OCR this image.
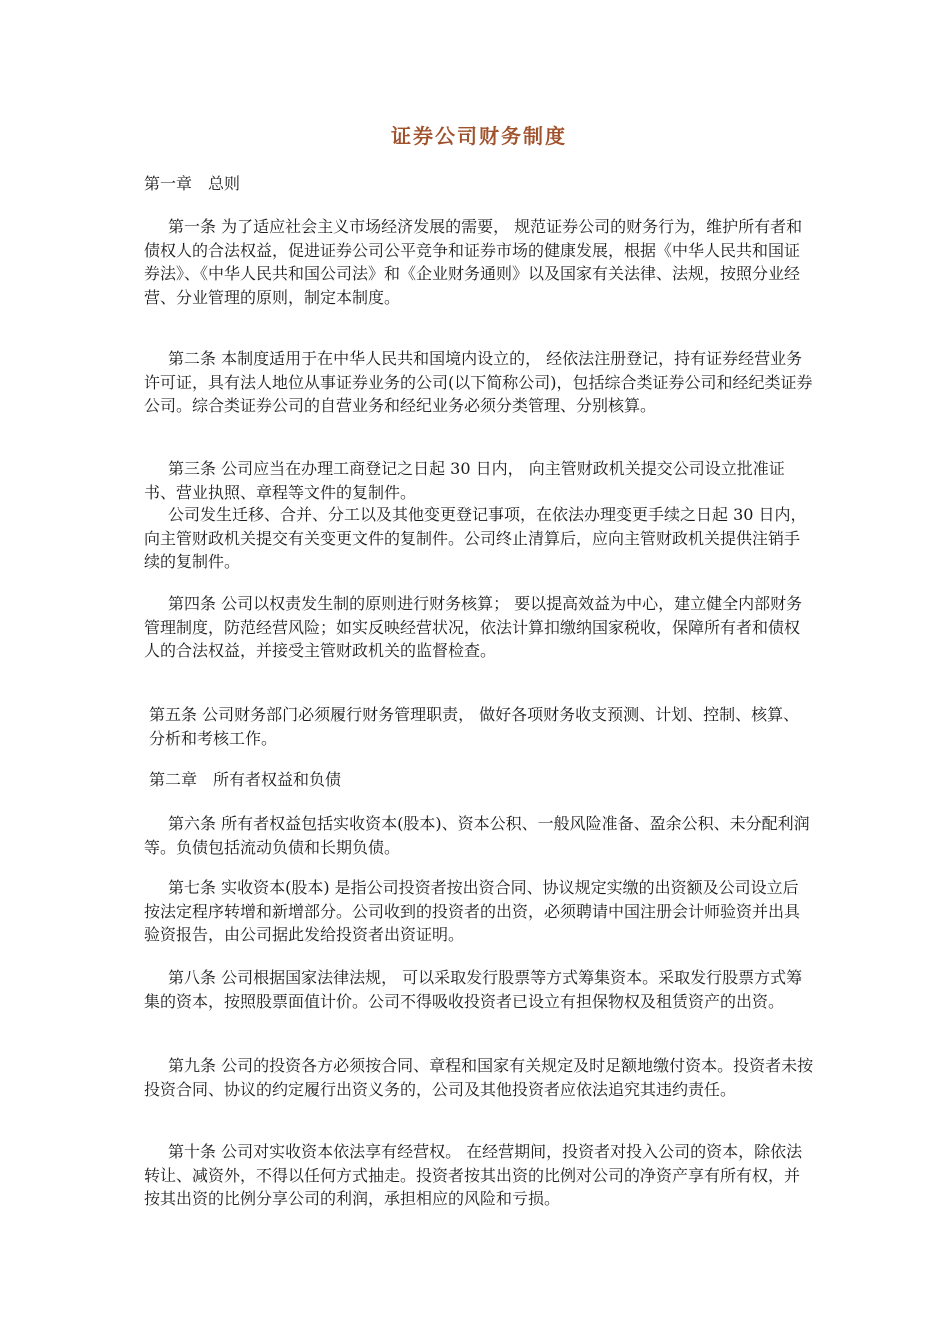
证券公司财务制度

第一章　总则

第一条 为了适应社会主义市场经济发展的需要， 规范证券公司的财务行为，维护所有者和债权人的合法权益，促进证券公司公平竞争和证券市场的健康发展，根据《中华人民共和国证券法》、《中华人民共和国公司法》和《企业财务通则》以及国家有关法律、法规，按照分业经营、分业管理的原则，制定本制度。

第二条 本制度适用于在中华人民共和国境内设立的， 经依法注册登记，持有证券经营业务许可证，具有法人地位从事证券业务的公司(以下简称公司)，包括综合类证券公司和经纪类证券公司。综合类证券公司的自营业务和经纪业务必须分类管理、分别核算。

第三条 公司应当在办理工商登记之日起 30 日内， 向主管财政机关提交公司设立批准证书、营业执照、章程等文件的复制件。

公司发生迁移、合并、分工以及其他变更登记事项，在依法办理变更手续之日起 30 日内，向主管财政机关提交有关变更文件的复制件。公司终止清算后，应向主管财政机关提供注销手续的复制件。

第四条 公司以权责发生制的原则进行财务核算； 要以提高效益为中心，建立健全内部财务管理制度，防范经营风险；如实反映经营状况，依法计算扣缴纳国家税收，保障所有者和债权人的合法权益，并接受主管财政机关的监督检查。

第五条 公司财务部门必须履行财务管理职责， 做好各项财务收支预测、计划、控制、核算、分析和考核工作。

第二章　所有者权益和负债

第六条 所有者权益包括实收资本(股本)、资本公积、一般风险准备、盈余公积、未分配利润等。负债包括流动负债和长期负债。

第七条 实收资本(股本) 是指公司投资者按出资合同、协议规定实缴的出资额及公司设立后按法定程序转增和新增部分。公司收到的投资者的出资，必须聘请中国注册会计师验资并出具验资报告，由公司据此发给投资者出资证明。

第八条 公司根据国家法律法规， 可以采取发行股票等方式筹集资本。采取发行股票方式筹集的资本，按照股票面值计价。公司不得吸收投资者已设立有担保物权及租赁资产的出资。

第九条 公司的投资各方必须按合同、章程和国家有关规定及时足额地缴付资本。投资者未按投资合同、协议的约定履行出资义务的，公司及其他投资者应依法追究其违约责任。

第十条 公司对实收资本依法享有经营权。 在经营期间，投资者对投入公司的资本，除依法转让、减资外，不得以任何方式抽走。投资者按其出资的比例对公司的净资产享有所有权，并按其出资的比例分享公司的利润，承担相应的风险和亏损。
